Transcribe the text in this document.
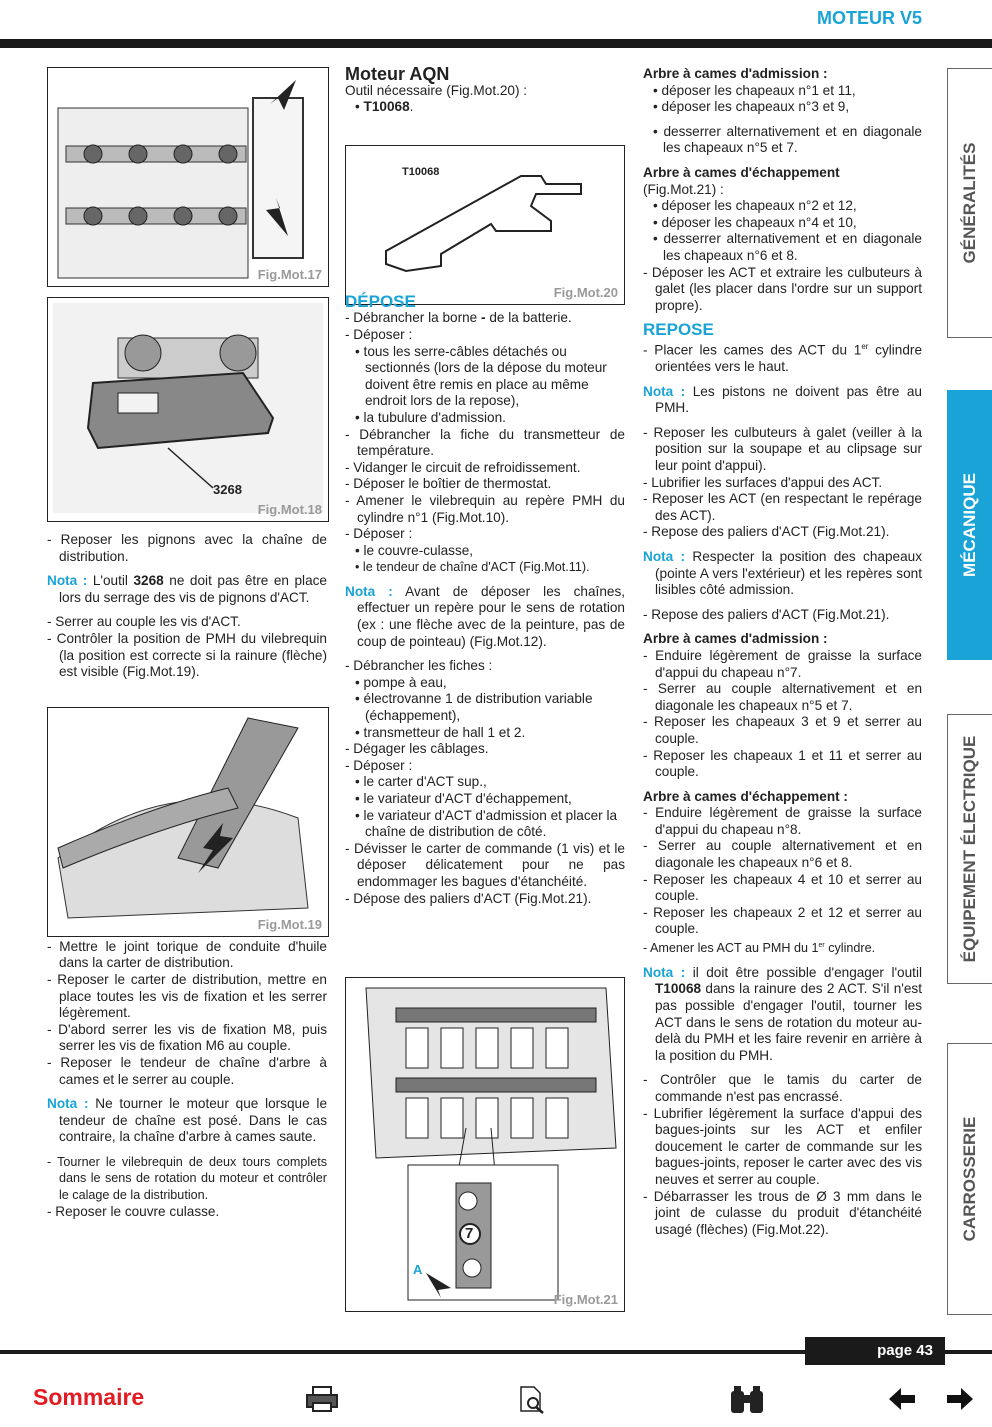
MOTEUR V5
GÉNÉRALITÉS
MÉCANIQUE
ÉQUIPEMENT ÉLECTRIQUE
CARROSSERIE
Fig.Mot.17
3268
Fig.Mot.18
Fig.Mot.19
T10068
Fig.Mot.20
7
A
Fig.Mot.21

- Reposer les pignons avec la chaîne de distribution.

Nota : L'outil 3268 ne doit pas être en place lors du serrage des vis de pignons d'ACT.

- Serrer au couple les vis d'ACT.

- Contrôler la position de PMH du vilebrequin (la position est correcte si la rainure (flèche) est visible (Fig.Mot.19).

- Mettre le joint torique de conduite d'huile dans la carter de distribution.

- Reposer le carter de distribution, mettre en place toutes les vis de fixation et les serrer légèrement.

- D'abord serrer les vis de fixation M8, puis serrer les vis de fixation M6 au couple.

- Reposer le tendeur de chaîne d'arbre à cames et le serrer au couple.

Nota : Ne tourner le moteur que lorsque le tendeur de chaîne est posé. Dans le cas contraire, la chaîne d'arbre à cames saute.

- Tourner le vilebrequin de deux tours complets dans le sens de rotation du moteur et contrôler le calage de la distribution.

- Reposer le couvre culasse.

Moteur AQN

Outil nécessaire (Fig.Mot.20) :

• T10068.

DÉPOSE

- Débrancher la borne - de la batterie.

- Déposer :

• tous les serre-câbles détachés ou sectionnés (lors de la dépose du moteur doivent être remis en place au même endroit lors de la repose),

• la tubulure d'admission.

- Débrancher la fiche du transmetteur de température.

- Vidanger le circuit de refroidissement.

- Déposer le boîtier de thermostat.

- Amener le vilebrequin au repère PMH du cylindre n°1 (Fig.Mot.10).

- Déposer :

• le couvre-culasse,

• le tendeur de chaîne d'ACT (Fig.Mot.11).

Nota : Avant de déposer les chaînes, effectuer un repère pour le sens de rotation (ex : une flèche avec de la peinture, pas de coup de pointeau) (Fig.Mot.12).

- Débrancher les fiches :

• pompe à eau,

• électrovanne 1 de distribution variable (échappement),

• transmetteur de hall 1 et 2.

- Dégager les câblages.

- Déposer :

• le carter d'ACT sup.,

• le variateur d'ACT d'échappement,

• le variateur d'ACT d'admission et placer la chaîne de distribution de côté.

- Dévisser le carter de commande (1 vis) et le déposer délicatement pour ne pas endommager les bagues d'étanchéité.

- Dépose des paliers d'ACT (Fig.Mot.21).

Arbre à cames d'admission :

• déposer les chapeaux n°1 et 11,

• déposer les chapeaux n°3 et 9,

• desserrer alternativement et en diagonale les chapeaux n°5 et 7.

Arbre à cames d'échappement

(Fig.Mot.21) :

• déposer les chapeaux n°2 et 12,

• déposer les chapeaux n°4 et 10,

• desserrer alternativement et en diagonale les chapeaux n°6 et 8.

- Déposer les ACT et extraire les culbuteurs à galet (les placer dans l'ordre sur un support propre).

REPOSE

- Placer les cames des ACT du 1er cylindre orientées vers le haut.

Nota : Les pistons ne doivent pas être au PMH.

- Reposer les culbuteurs à galet (veiller à la position sur la soupape et au clipsage sur leur point d'appui).

- Lubrifier les surfaces d'appui des ACT.

- Reposer les ACT (en respectant le repérage des ACT).

- Repose des paliers d'ACT (Fig.Mot.21).

Nota : Respecter la position des chapeaux (pointe A vers l'extérieur) et les repères sont lisibles côté admission.

- Repose des paliers d'ACT (Fig.Mot.21).

Arbre à cames d'admission :

- Enduire légèrement de graisse la surface d'appui du chapeau n°7.

- Serrer au couple alternativement et en diagonale les chapeaux n°5 et 7.

- Reposer les chapeaux 3 et 9 et serrer au couple.

- Reposer les chapeaux 1 et 11 et serrer au couple.

Arbre à cames d'échappement :

- Enduire légèrement de graisse la surface d'appui du chapeau n°8.

- Serrer au couple alternativement et en diagonale les chapeaux n°6 et 8.

- Reposer les chapeaux 4 et 10 et serrer au couple.

- Reposer les chapeaux 2 et 12 et serrer au couple.

- Amener les ACT au PMH du 1er cylindre.

Nota : il doit être possible d'engager l'outil T10068 dans la rainure des 2 ACT. S'il n'est pas possible d'engager l'outil, tourner les ACT dans le sens de rotation du moteur au-delà du PMH et les faire revenir en arrière à la position du PMH.

- Contrôler que le tamis du carter de commande n'est pas encrassé.

- Lubrifier légèrement la surface d'appui des bagues-joints sur les ACT et enfiler doucement le carter de commande sur les bagues-joints, reposer le carter avec des vis neuves et serrer au couple.

- Débarrasser les trous de Ø 3 mm dans le joint de culasse du produit d'étanchéité usagé (flèches) (Fig.Mot.22).

page 43
Sommaire
